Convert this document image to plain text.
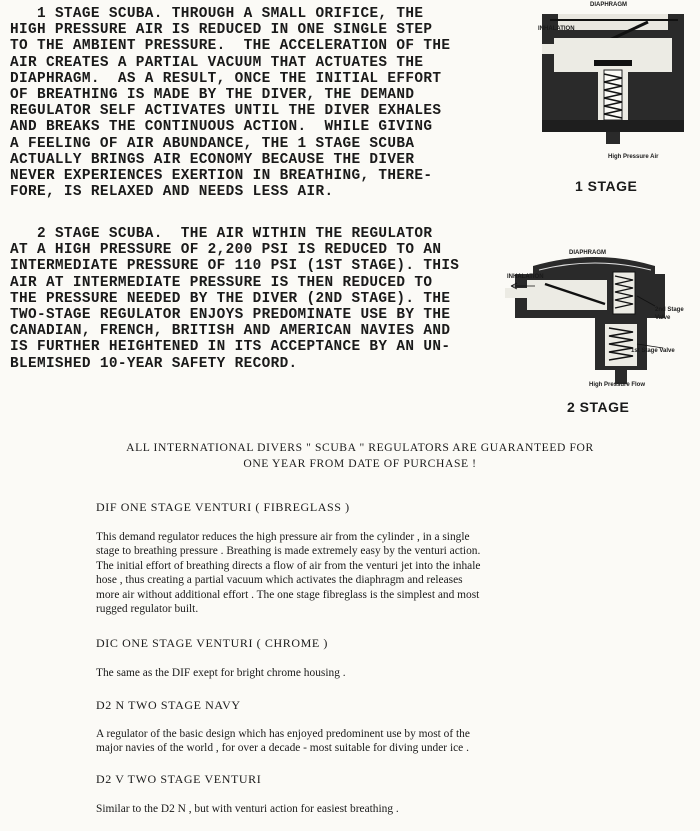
1 STAGE SCUBA. THROUGH A SMALL ORIFICE, THE
HIGH PRESSURE AIR IS REDUCED IN ONE SINGLE STEP
TO THE AMBIENT PRESSURE.  THE ACCELERATION OF THE
AIR CREATES A PARTIAL VACUUM THAT ACTUATES THE
DIAPHRAGM.  AS A RESULT, ONCE THE INITIAL EFFORT
OF BREATHING IS MADE BY THE DIVER, THE DEMAND
REGULATOR SELF ACTIVATES UNTIL THE DIVER EXHALES
AND BREAKS THE CONTINUOUS ACTION.  WHILE GIVING
A FEELING OF AIR ABUNDANCE, THE 1 STAGE SCUBA
ACTUALLY BRINGS AIR ECONOMY BECAUSE THE DIVER
NEVER EXPERIENCES EXERTION IN BREATHING, THERE-
FORE, IS RELAXED AND NEEDS LESS AIR.
2 STAGE SCUBA.  THE AIR WITHIN THE REGULATOR
AT A HIGH PRESSURE OF 2,200 PSI IS REDUCED TO AN
INTERMEDIATE PRESSURE OF 110 PSI (1ST STAGE). THIS
AIR AT INTERMEDIATE PRESSURE IS THEN REDUCED TO
THE PRESSURE NEEDED BY THE DIVER (2ND STAGE). THE
TWO-STAGE REGULATOR ENJOYS PREDOMINATE USE BY THE
CANADIAN, FRENCH, BRITISH AND AMERICAN NAVIES AND
IS FURTHER HEIGHTENED IN ITS ACCEPTANCE BY AN UN-
BLEMISHED 10-YEAR SAFETY RECORD.
DIAPHRAGM
INHALATION
High Pressure Air
1 STAGE
DIAPHRAGM
INHALATION
2nd Stage Valve
1st Stage Valve
High Pressure Flow
2 STAGE
ALL INTERNATIONAL DIVERS " SCUBA " REGULATORS ARE GUARANTEED FOR
ONE YEAR FROM DATE OF PURCHASE !
DIF ONE STAGE VENTURI ( FIBREGLASS )
This demand regulator reduces the high pressure air from the cylinder , in a single
stage to breathing pressure . Breathing is made extremely easy by the venturi action.
The initial effort of breathing directs a flow of air from the venturi jet into the inhale
hose , thus creating a partial vacuum which activates the diaphragm and releases
more air without additional effort . The one stage fibreglass is the simplest and most
rugged regulator built.
DIC ONE STAGE VENTURI ( CHROME )
The same as the DIF exept for bright chrome housing .
D2 N TWO STAGE NAVY
A regulator of the basic design which has enjoyed predominent use by most of the
major navies of the world , for over a decade - most suitable for diving under ice .
D2 V TWO STAGE VENTURI
Similar to the D2 N , but with venturi action for easiest breathing .
